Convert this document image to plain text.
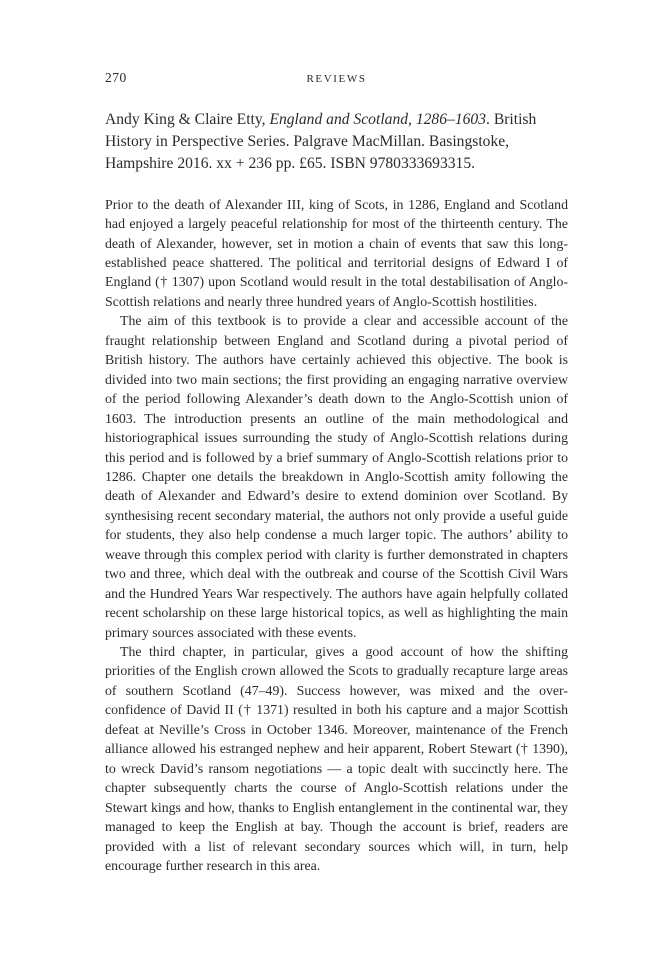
270	REVIEWS
Andy King & Claire Etty, England and Scotland, 1286–1603. British History in Perspective Series. Palgrave MacMillan. Basingstoke, Hampshire 2016. xx + 236 pp. £65. ISBN 9780333693315.

Prior to the death of Alexander III, king of Scots, in 1286, England and Scotland had enjoyed a largely peaceful relationship for most of the thirteenth century. The death of Alexander, however, set in motion a chain of events that saw this long-established peace shattered. The political and territorial designs of Edward I of England († 1307) upon Scotland would result in the total destabilisation of Anglo-Scottish relations and nearly three hundred years of Anglo-Scottish hostilities.

The aim of this textbook is to provide a clear and accessible account of the fraught relationship between England and Scotland during a pivotal period of British history. The authors have certainly achieved this objective. The book is divided into two main sections; the first providing an engaging narrative overview of the period following Alexander’s death down to the Anglo-Scottish union of 1603. The introduction presents an outline of the main methodological and historiographical issues surrounding the study of Anglo-Scottish relations during this period and is followed by a brief summary of Anglo-Scottish relations prior to 1286. Chapter one details the breakdown in Anglo-Scottish amity following the death of Alexander and Edward’s desire to extend dominion over Scotland. By synthesising recent secondary material, the authors not only provide a useful guide for students, they also help condense a much larger topic. The authors’ ability to weave through this complex period with clarity is further demonstrated in chapters two and three, which deal with the outbreak and course of the Scottish Civil Wars and the Hundred Years War respectively. The authors have again helpfully collated recent scholarship on these large historical topics, as well as highlighting the main primary sources associated with these events.

The third chapter, in particular, gives a good account of how the shifting priorities of the English crown allowed the Scots to gradually recapture large areas of southern Scotland (47–49). Success however, was mixed and the over-confidence of David II († 1371) resulted in both his capture and a major Scottish defeat at Neville’s Cross in October 1346. Moreover, maintenance of the French alliance allowed his estranged nephew and heir apparent, Robert Stewart († 1390), to wreck David’s ransom negotiations — a topic dealt with succinctly here. The chapter subsequently charts the course of Anglo-Scottish relations under the Stewart kings and how, thanks to English entanglement in the continental war, they managed to keep the English at bay. Though the account is brief, readers are provided with a list of relevant secondary sources which will, in turn, help encourage further research in this area.
